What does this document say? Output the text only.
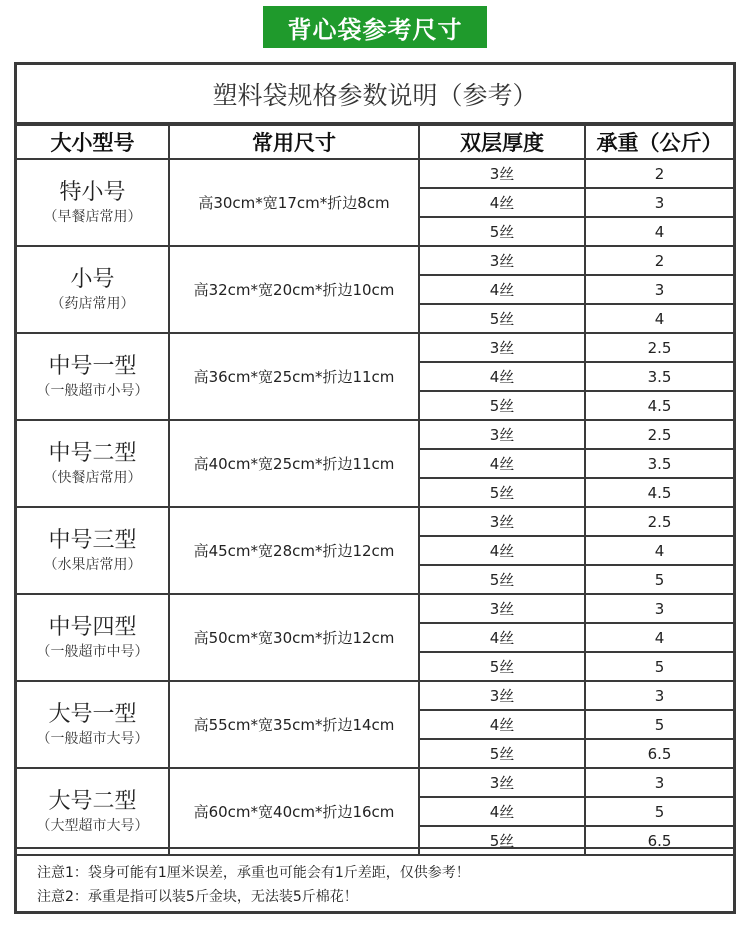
背心袋参考尺寸
塑料袋规格参数说明（参考）
大小型号	常用尺寸	双层厚度	承重（公斤）

特小号
（早餐店常用）	高30cm*宽17cm*折边8cm	3丝	2
		4丝	3
		5丝	4

小号
（药店常用）	高32cm*宽20cm*折边10cm	3丝	2
		4丝	3
		5丝	4

中号一型
（一般超市小号）	高36cm*宽25cm*折边11cm	3丝	2.5
		4丝	3.5
		5丝	4.5

中号二型
（快餐店常用）	高40cm*宽25cm*折边11cm	3丝	2.5
		4丝	3.5
		5丝	4.5

中号三型
（水果店常用）	高45cm*宽28cm*折边12cm	3丝	2.5
		4丝	4
		5丝	5

中号四型
（一般超市中号）	高50cm*宽30cm*折边12cm	3丝	3
		4丝	4
		5丝	5

大号一型
（一般超市大号）	高55cm*宽35cm*折边14cm	3丝	3
		4丝	5
		5丝	6.5

大号二型
（大型超市大号）	高60cm*宽40cm*折边16cm	3丝	3
		4丝	5
		5丝	6.5
注意1：袋身可能有1厘米误差，承重也可能会有1斤差距，仅供参考！
注意2：承重是指可以装5斤金块，无法装5斤棉花！
